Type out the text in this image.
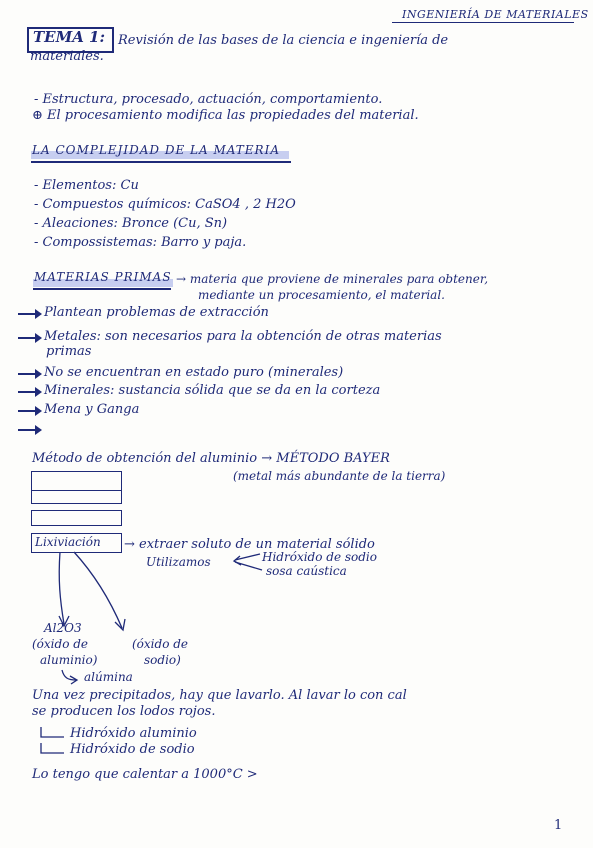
INGENIERÍA DE MATERIALES
TEMA 1: Revisión de las bases de la ciencia e ingeniería de
materiales.
- Estructura, procesado, actuación, comportamiento.
⊕ El procesamiento modifica las propiedades del material.
LA COMPLEJIDAD DE LA MATERIA
- Elementos: Cu
- Compuestos químicos: CaSO4 , 2 H2O
- Aleaciones: Bronce (Cu, Sn)
- Compossistemas: Barro y paja.
MATERIAS PRIMAS → materia que proviene de minerales para obtener,
mediante un procesamiento, el material.
Plantean problemas de extracción
Metales: son necesarios para la obtención de otras materias
primas
No se encuentran en estado puro (minerales)
Minerales: sustancia sólida que se da en la corteza
Mena y Ganga
Método de obtención del aluminio → MÉTODO BAYER
(metal más abundante de la tierra)
Lixiviación → extraer soluto de un material sólido
Utilizamos	Hidróxido de sodio
sosa caústica
Al2O3
(óxido de
aluminio)
(óxido de
sodio)
alúmina
Una vez precipitados, hay que lavarlo. Al lavar lo con cal
se producen los lodos rojos.
Hidróxido aluminio
Hidróxido de sodio
Lo tengo que calentar a 1000°C >
1
